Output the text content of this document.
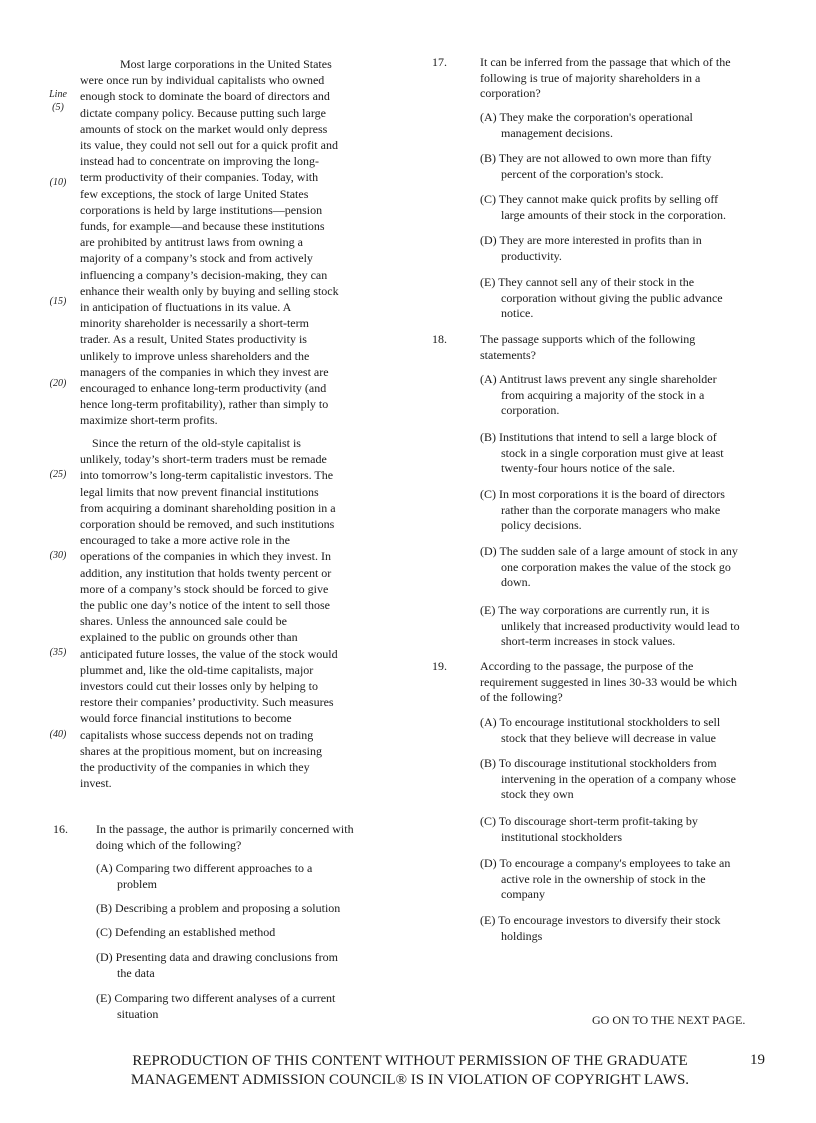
Line
(5)
(10)
(15)
(20)
(25)
(30)
(35)
(40)
Most large corporations in the United States
were once run by individual capitalists who owned
enough stock to dominate the board of directors and
dictate company policy. Because putting such large
amounts of stock on the market would only depress
its value, they could not sell out for a quick profit and
instead had to concentrate on improving the long-
term productivity of their companies. Today, with
few exceptions, the stock of large United States
corporations is held by large institutions—pension
funds, for example—and because these institutions
are prohibited by antitrust laws from owning a
majority of a company’s stock and from actively
influencing a company’s decision-making, they can
enhance their wealth only by buying and selling stock
in anticipation of fluctuations in its value. A
minority shareholder is necessarily a short-term
trader. As a result, United States productivity is
unlikely to improve unless shareholders and the
managers of the companies in which they invest are
encouraged to enhance long-term productivity (and
hence long-term profitability), rather than simply to
maximize short-term profits.
Since the return of the old-style capitalist is
unlikely, today’s short-term traders must be remade
into tomorrow’s long-term capitalistic investors. The
legal limits that now prevent financial institutions
from acquiring a dominant shareholding position in a
corporation should be removed, and such institutions
encouraged to take a more active role in the
operations of the companies in which they invest. In
addition, any institution that holds twenty percent or
more of a company’s stock should be forced to give
the public one day’s notice of the intent to sell those
shares. Unless the announced sale could be
explained to the public on grounds other than
anticipated future losses, the value of the stock would
plummet and, like the old-time capitalists, major
investors could cut their losses only by helping to
restore their companies’ productivity. Such measures
would force financial institutions to become
capitalists whose success depends not on trading
shares at the propitious moment, but on increasing
the productivity of the companies in which they
invest.
16. In the passage, the author is primarily concerned with
doing which of the following?
(A) Comparing two different approaches to a
problem
(B) Describing a problem and proposing a solution
(C) Defending an established method
(D) Presenting data and drawing conclusions from
the data
(E) Comparing two different analyses of a current
situation
17.	It can be inferred from the passage that which of the
following is true of majority shareholders in a
corporation?
(A) They make the corporation's operational
management decisions.
(B) They are not allowed to own more than fifty
percent of the corporation's stock.
(C) They cannot make quick profits by selling off
large amounts of their stock in the corporation.
(D) They are more interested in profits than in
productivity.
(E) They cannot sell any of their stock in the
corporation without giving the public advance
notice.
18.	The passage supports which of the following
statements?
(A) Antitrust laws prevent any single shareholder
from acquiring a majority of the stock in a
corporation.
(B) Institutions that intend to sell a large block of
stock in a single corporation must give at least
twenty-four hours notice of the sale.
(C) In most corporations it is the board of directors
rather than the corporate managers who make
policy decisions.
(D) The sudden sale of a large amount of stock in any
one corporation makes the value of the stock go
down.
(E) The way corporations are currently run, it is
unlikely that increased productivity would lead to
short-term increases in stock values.
19.	According to the passage, the purpose of the
requirement suggested in lines 30-33 would be which
of the following?
(A) To encourage institutional stockholders to sell
stock that they believe will decrease in value
(B) To discourage institutional stockholders from
intervening in the operation of a company whose
stock they own
(C) To discourage short-term profit-taking by
institutional stockholders
(D) To encourage a company's employees to take an
active role in the ownership of stock in the
company
(E) To encourage investors to diversify their stock
holdings
GO ON TO THE NEXT PAGE.
REPRODUCTION OF THIS CONTENT WITHOUT PERMISSION OF THE GRADUATE
MANAGEMENT ADMISSION COUNCIL® IS IN VIOLATION OF COPYRIGHT LAWS.
19
